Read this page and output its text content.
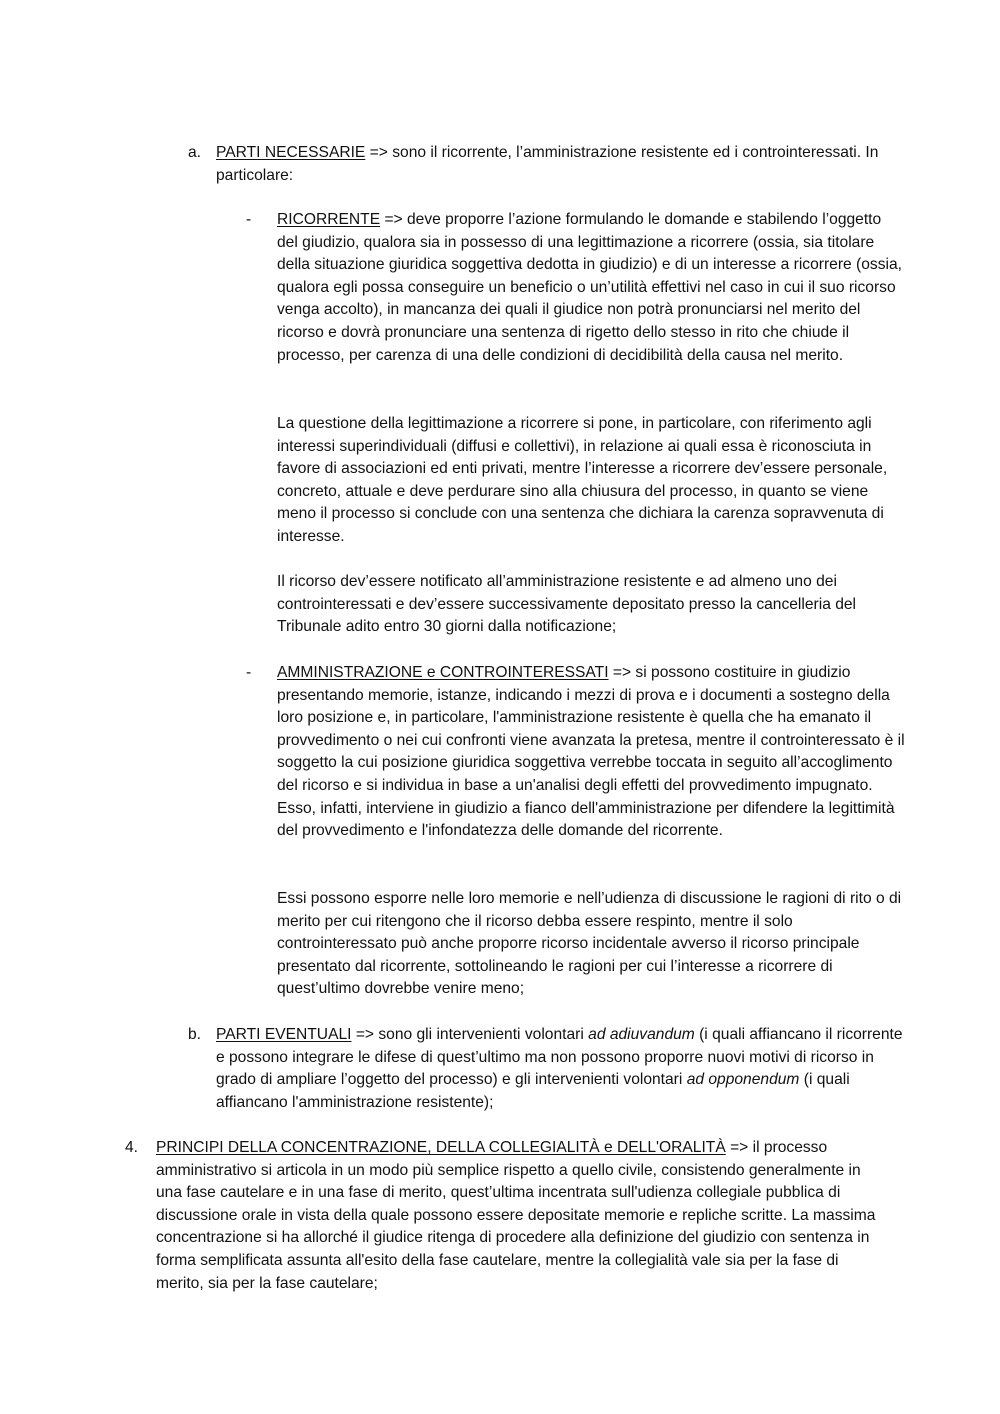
a. PARTI NECESSARIE => sono il ricorrente, l’amministrazione resistente ed i controinteressati. In particolare:

- RICORRENTE => deve proporre l’azione formulando le domande e stabilendo l’oggetto del giudizio, qualora sia in possesso di una legittimazione a ricorrere (ossia, sia titolare della situazione giuridica soggettiva dedotta in giudizio) e di un interesse a ricorrere (ossia, qualora egli possa conseguire un beneficio o un’utilità effettivi nel caso in cui il suo ricorso venga accolto), in mancanza dei quali il giudice non potrà pronunciarsi nel merito del ricorso e dovrà pronunciare una sentenza di rigetto dello stesso in rito che chiude il processo, per carenza di una delle condizioni di decidibilità della causa nel merito.

La questione della legittimazione a ricorrere si pone, in particolare, con riferimento agli interessi superindividuali (diffusi e collettivi), in relazione ai quali essa è riconosciuta in favore di associazioni ed enti privati, mentre l’interesse a ricorrere dev’essere personale, concreto, attuale e deve perdurare sino alla chiusura del processo, in quanto se viene meno il processo si conclude con una sentenza che dichiara la carenza sopravvenuta di interesse.

Il ricorso dev’essere notificato all’amministrazione resistente e ad almeno uno dei controinteressati e dev’essere successivamente depositato presso la cancelleria del Tribunale adito entro 30 giorni dalla notificazione;

- AMMINISTRAZIONE e CONTROINTERESSATI => si possono costituire in giudizio presentando memorie, istanze, indicando i mezzi di prova e i documenti a sostegno della loro posizione e, in particolare, l'amministrazione resistente è quella che ha emanato il provvedimento o nei cui confronti viene avanzata la pretesa, mentre il controinteressato è il soggetto la cui posizione giuridica soggettiva verrebbe toccata in seguito all’accoglimento del ricorso e si individua in base a un'analisi degli effetti del provvedimento impugnato. Esso, infatti, interviene in giudizio a fianco dell'amministrazione per difendere la legittimità del provvedimento e l'infondatezza delle domande del ricorrente.

Essi possono esporre nelle loro memorie e nell’udienza di discussione le ragioni di rito o di merito per cui ritengono che il ricorso debba essere respinto, mentre il solo controinteressato può anche proporre ricorso incidentale avverso il ricorso principale presentato dal ricorrente, sottolineando le ragioni per cui l’interesse a ricorrere di quest’ultimo dovrebbe venire meno;

b. PARTI EVENTUALI => sono gli intervenienti volontari ad adiuvandum (i quali affiancano il ricorrente e possono integrare le difese di quest’ultimo ma non possono proporre nuovi motivi di ricorso in grado di ampliare l’oggetto del processo) e gli intervenienti volontari ad opponendum (i quali affiancano l'amministrazione resistente);

4. PRINCIPI DELLA CONCENTRAZIONE, DELLA COLLEGIALITÀ e DELL'ORALITÀ => il processo amministrativo si articola in un modo più semplice rispetto a quello civile, consistendo generalmente in una fase cautelare e in una fase di merito, quest’ultima incentrata sull'udienza collegiale pubblica di discussione orale in vista della quale possono essere depositate memorie e repliche scritte. La massima concentrazione si ha allorché il giudice ritenga di procedere alla definizione del giudizio con sentenza in forma semplificata assunta all'esito della fase cautelare, mentre la collegialità vale sia per la fase di merito, sia per la fase cautelare;
